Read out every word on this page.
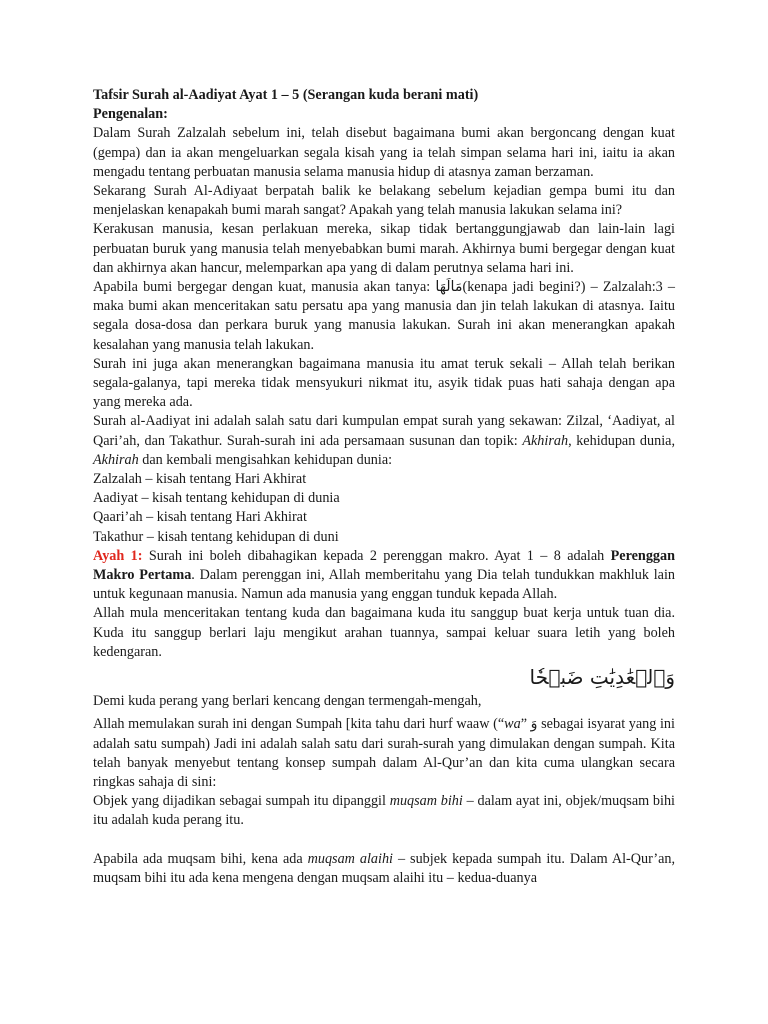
Tafsir Surah al-Aadiyat Ayat 1 – 5 (Serangan kuda berani mati)

Pengenalan:

Dalam Surah Zalzalah sebelum ini, telah disebut bagaimana bumi akan bergoncang dengan kuat (gempa) dan ia akan mengeluarkan segala kisah yang ia telah simpan selama hari ini, iaitu ia akan mengadu tentang perbuatan manusia selama manusia hidup di atasnya zaman berzaman.

Sekarang Surah Al-Adiyaat berpatah balik ke belakang sebelum kejadian gempa bumi itu dan menjelaskan kenapakah bumi marah sangat? Apakah yang telah manusia lakukan selama ini?

Kerakusan manusia, kesan perlakuan mereka, sikap tidak bertanggungjawab dan lain-lain lagi perbuatan buruk yang manusia telah menyebabkan bumi marah. Akhirnya bumi bergegar dengan kuat dan akhirnya akan hancur, melemparkan apa yang di dalam perutnya selama hari ini.

Apabila bumi bergegar dengan kuat, manusia akan tanya: مَالَهَا(kenapa jadi begini?) – Zalzalah:3 – maka bumi akan menceritakan satu persatu apa yang manusia dan jin telah lakukan di atasnya. Iaitu segala dosa-dosa dan perkara buruk yang manusia lakukan. Surah ini akan menerangkan apakah kesalahan yang manusia telah lakukan.

Surah ini juga akan menerangkan bagaimana manusia itu amat teruk sekali – Allah telah berikan segala-galanya, tapi mereka tidak mensyukuri nikmat itu, asyik tidak puas hati sahaja dengan apa yang mereka ada.

Surah al-Aadiyat ini adalah salah satu dari kumpulan empat surah yang sekawan: Zilzal, ‘Aadiyat, al Qari’ah, dan Takathur. Surah-surah ini ada persamaan susunan dan topik: Akhirah, kehidupan dunia, Akhirah dan kembali mengisahkan kehidupan dunia:

Zalzalah – kisah tentang Hari Akhirat

Aadiyat – kisah tentang kehidupan di dunia

Qaari’ah – kisah tentang Hari Akhirat

Takathur – kisah tentang kehidupan di duni

Ayah 1: Surah ini boleh dibahagikan kepada 2 perenggan makro. Ayat 1 – 8 adalah Perenggan Makro Pertama. Dalam perenggan ini, Allah memberitahu yang Dia telah tundukkan makhluk lain untuk kegunaan manusia. Namun ada manusia yang enggan tunduk kepada Allah.

Allah mula menceritakan tentang kuda dan bagaimana kuda itu sanggup buat kerja untuk tuan dia. Kuda itu sanggup berlari laju mengikut arahan tuannya, sampai keluar suara letih yang boleh kedengaran.

وَٱلۡعَٰدِيَٰتِ ضَبۡحٗا

Demi kuda perang yang berlari kencang dengan termengah-mengah,

Allah memulakan surah ini dengan Sumpah [kita tahu dari hurf waaw (“wa” وَ sebagai isyarat yang ini adalah satu sumpah) Jadi ini adalah salah satu dari surah-surah yang dimulakan dengan sumpah. Kita telah banyak menyebut tentang konsep sumpah dalam Al-Qur’an dan kita cuma ulangkan secara ringkas sahaja di sini:

Objek yang dijadikan sebagai sumpah itu dipanggil muqsam bihi – dalam ayat ini, objek/muqsam bihi itu adalah kuda perang itu.

Apabila ada muqsam bihi, kena ada muqsam alaihi – subjek kepada sumpah itu. Dalam Al-Qur’an, muqsam bihi itu ada kena mengena dengan muqsam alaihi itu – kedua-duanya
